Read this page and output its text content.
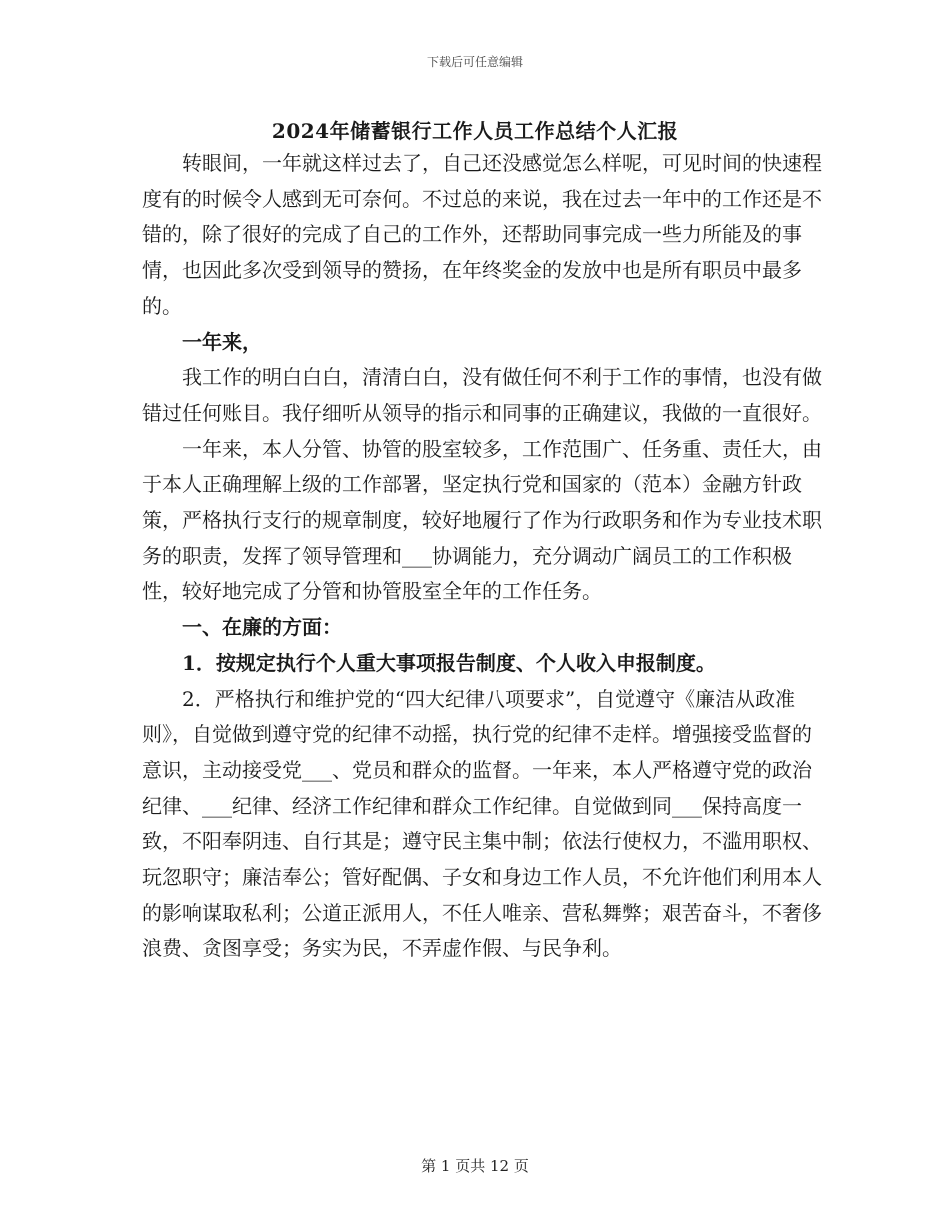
下载后可任意编辑
2024年储蓄银行工作人员工作总结个人汇报

转眼间，一年就这样过去了，自己还没感觉怎么样呢，可见时间的快速程度有的时候令人感到无可奈何。不过总的来说，我在过去一年中的工作还是不错的，除了很好的完成了自己的工作外，还帮助同事完成一些力所能及的事情，也因此多次受到领导的赞扬，在年终奖金的发放中也是所有职员中最多的。

一年来，

我工作的明白白白，清清白白，没有做任何不利于工作的事情，也没有做错过任何账目。我仔细听从领导的指示和同事的正确建议，我做的一直很好。

一年来，本人分管、协管的股室较多，工作范围广、任务重、责任大，由于本人正确理解上级的工作部署，坚定执行党和国家的（范本）金融方针政策，严格执行支行的规章制度，较好地履行了作为行政职务和作为专业技术职务的职责，发挥了领导管理和___协调能力，充分调动广阔员工的工作积极性，较好地完成了分管和协管股室全年的工作任务。

一、在廉的方面：

1．按规定执行个人重大事项报告制度、个人收入申报制度。

2．严格执行和维护党的“四大纪律八项要求”，自觉遵守《廉洁从政准则》，自觉做到遵守党的纪律不动摇，执行党的纪律不走样。增强接受监督的意识，主动接受党___、党员和群众的监督。一年来，本人严格遵守党的政治纪律、___纪律、经济工作纪律和群众工作纪律。自觉做到同___保持高度一致，不阳奉阴违、自行其是；遵守民主集中制；依法行使权力，不滥用职权、玩忽职守；廉洁奉公；管好配偶、子女和身边工作人员，不允许他们利用本人的影响谋取私利；公道正派用人，不任人唯亲、营私舞弊；艰苦奋斗，不奢侈浪费、贪图享受；务实为民，不弄虚作假、与民争利。

第 1 页共 12 页
